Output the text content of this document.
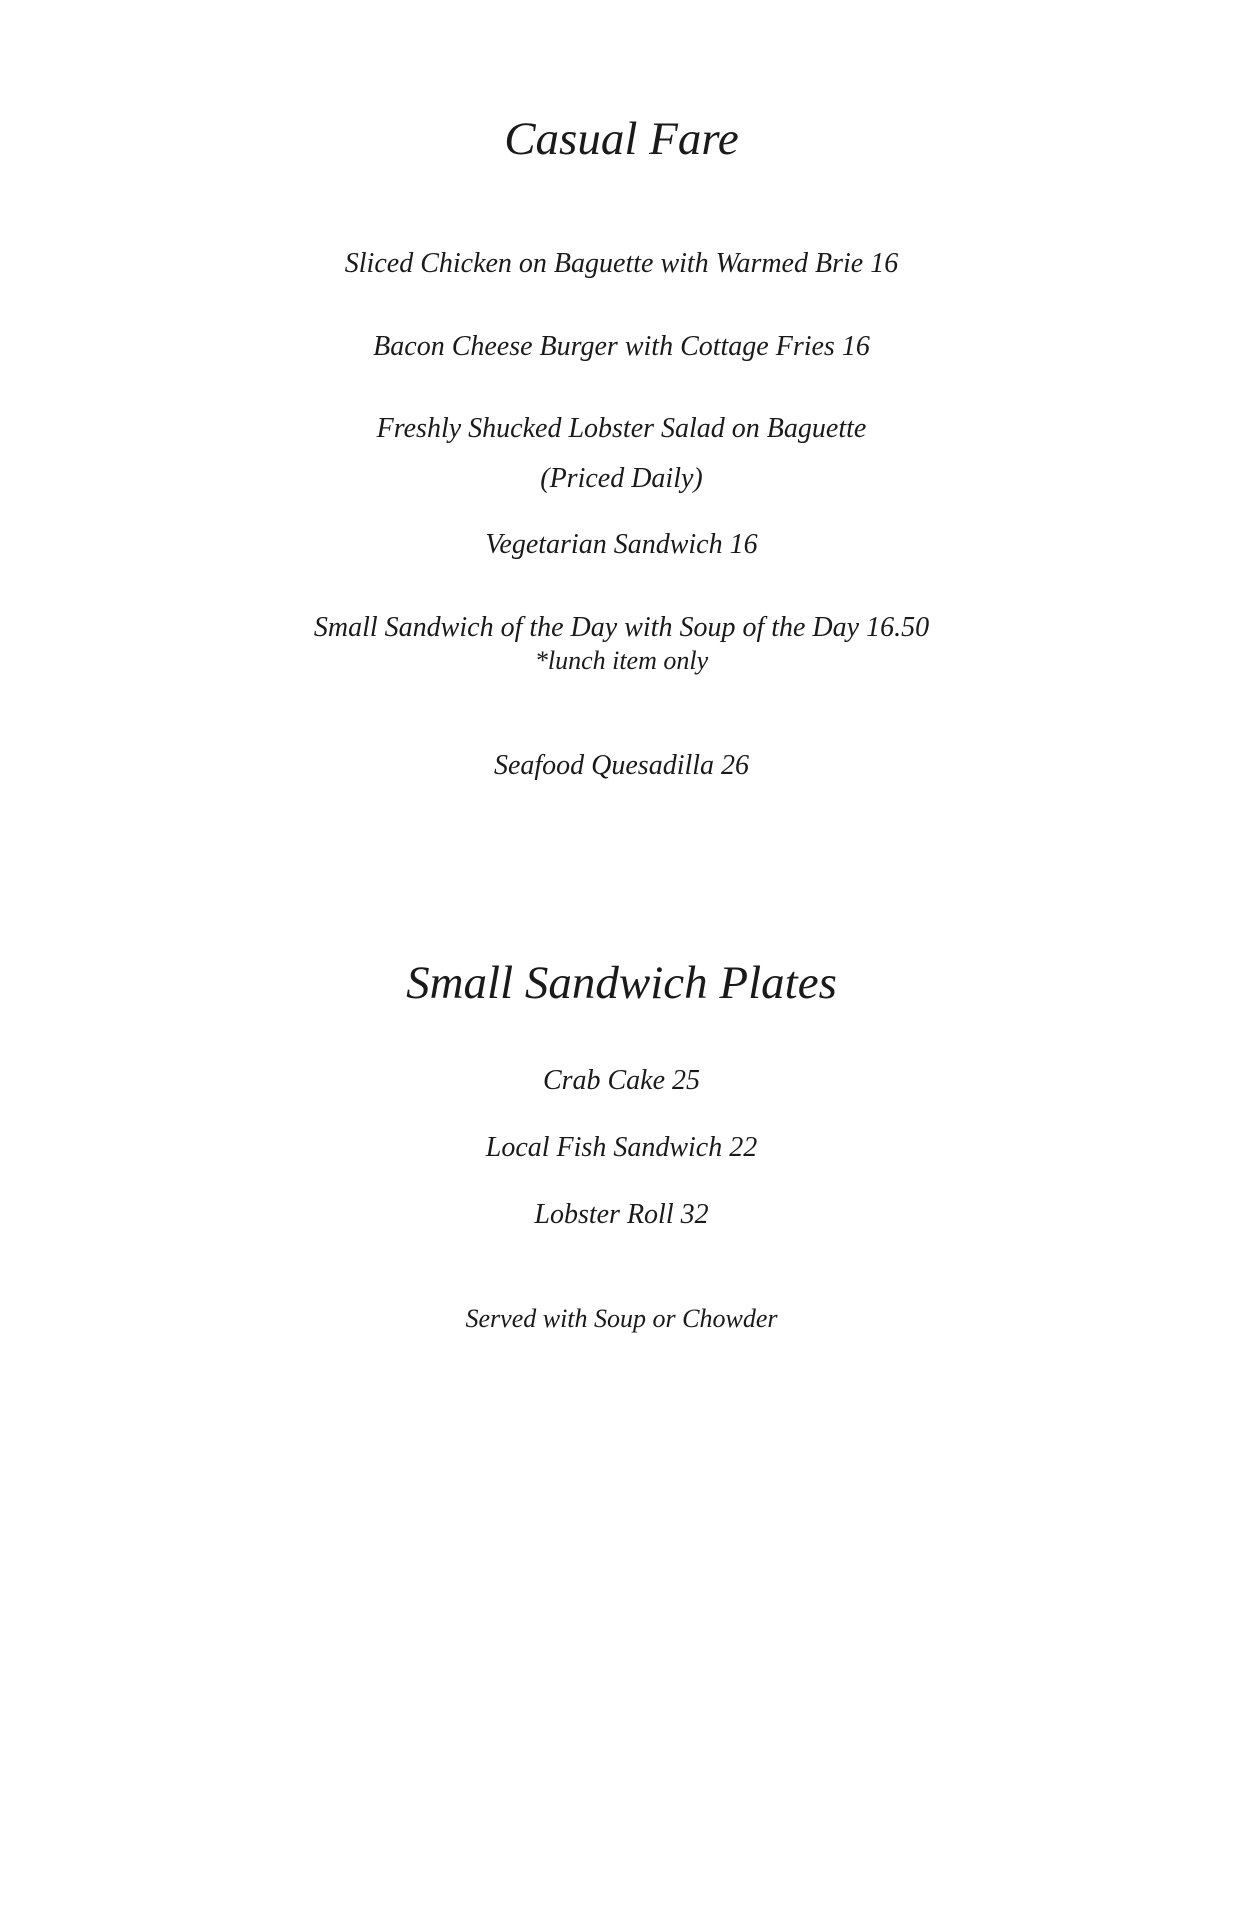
Casual Fare
Sliced Chicken on Baguette with Warmed Brie 16
Bacon Cheese Burger with Cottage Fries 16
Freshly Shucked Lobster Salad on Baguette
(Priced Daily)
Vegetarian Sandwich 16
Small Sandwich of the Day with Soup of the Day 16.50
*lunch item only
Seafood Quesadilla 26
Small Sandwich Plates
Crab Cake 25
Local Fish Sandwich 22
Lobster Roll 32
Served with Soup or Chowder
